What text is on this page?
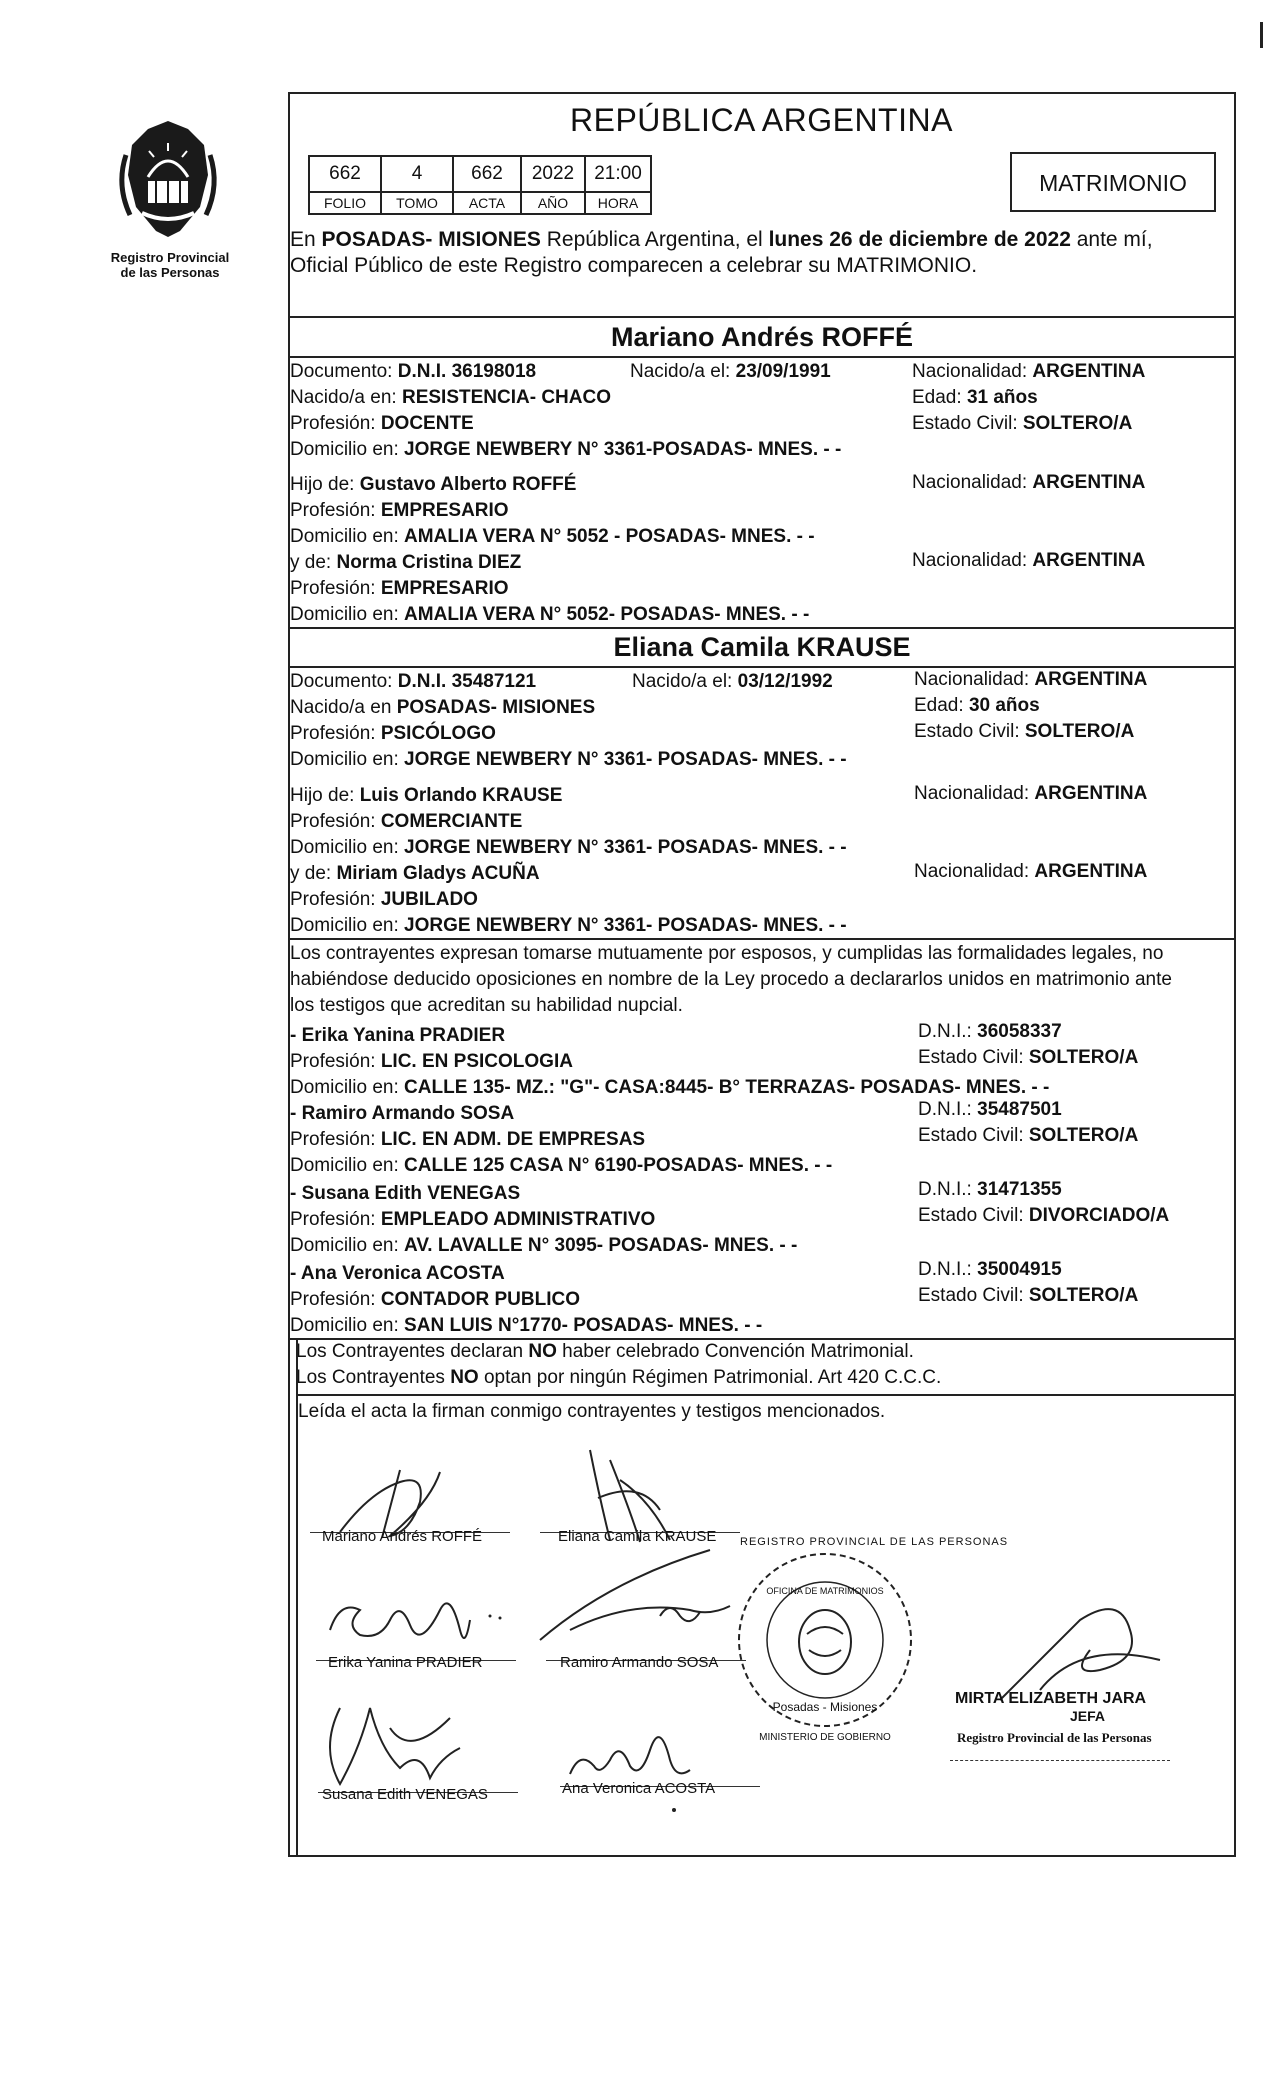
Registro Provincial
de las Personas
REPÚBLICA ARGENTINA
662	4	662	2022	21:00
FOLIO	TOMO	ACTA	AÑO	HORA
MATRIMONIO
En POSADAS- MISIONES República Argentina, el lunes 26 de diciembre de 2022 ante mí,
Oficial Público de este Registro comparecen a celebrar su MATRIMONIO.
Mariano Andrés ROFFÉ
Documento: D.N.I. 36198018	Nacido/a el: 23/09/1991	Nacionalidad: ARGENTINA
Nacido/a en: RESISTENCIA- CHACO	Edad: 31 años
Profesión: DOCENTE	Estado Civil: SOLTERO/A
Domicilio en: JORGE NEWBERY N° 3361-POSADAS- MNES. - -
Hijo de: Gustavo Alberto ROFFÉ	Nacionalidad: ARGENTINA
Profesión: EMPRESARIO
Domicilio en: AMALIA VERA N° 5052 - POSADAS- MNES. - -
y de: Norma Cristina DIEZ	Nacionalidad: ARGENTINA
Profesión: EMPRESARIO
Domicilio en: AMALIA VERA N° 5052- POSADAS- MNES. - -
Eliana Camila KRAUSE
Documento: D.N.I. 35487121	Nacido/a el: 03/12/1992	Nacionalidad: ARGENTINA
Nacido/a en POSADAS- MISIONES	Edad: 30 años
Profesión: PSICÓLOGO	Estado Civil: SOLTERO/A
Domicilio en: JORGE NEWBERY N° 3361- POSADAS- MNES. - -
Hijo de: Luis Orlando KRAUSE	Nacionalidad: ARGENTINA
Profesión: COMERCIANTE
Domicilio en: JORGE NEWBERY N° 3361- POSADAS- MNES. - -
y de: Miriam Gladys ACUÑA	Nacionalidad: ARGENTINA
Profesión: JUBILADO
Domicilio en: JORGE NEWBERY N° 3361- POSADAS- MNES. - -
Los contrayentes expresan tomarse mutuamente por esposos, y cumplidas las formalidades legales, no
habiéndose deducido oposiciones en nombre de la Ley procedo a declararlos unidos en matrimonio ante
los testigos que acreditan su habilidad nupcial.
- Erika Yanina PRADIER	D.N.I.: 36058337
Profesión: LIC. EN PSICOLOGIA	Estado Civil: SOLTERO/A
Domicilio en: CALLE 135- MZ.: "G"- CASA:8445- B° TERRAZAS- POSADAS- MNES. - -
- Ramiro Armando SOSA	D.N.I.: 35487501
Profesión: LIC. EN ADM. DE EMPRESAS	Estado Civil: SOLTERO/A
Domicilio en: CALLE 125 CASA N° 6190-POSADAS- MNES. - -
- Susana Edith VENEGAS	D.N.I.: 31471355
Profesión: EMPLEADO ADMINISTRATIVO	Estado Civil: DIVORCIADO/A
Domicilio en: AV. LAVALLE N° 3095- POSADAS- MNES. - -
- Ana Veronica ACOSTA	D.N.I.: 35004915
Profesión: CONTADOR PUBLICO	Estado Civil: SOLTERO/A
Domicilio en: SAN LUIS N°1770- POSADAS- MNES. - -
Los Contrayentes declaran NO haber celebrado Convención Matrimonial.
Los Contrayentes NO optan por ningún Régimen Patrimonial. Art 420 C.C.C.
Leída el acta la firman conmigo contrayentes y testigos mencionados.
Mariano Andrés ROFFÉ	Eliana Camila KRAUSE
Erika Yanina PRADIER	Ramiro Armando SOSA
Susana Edith VENEGAS	Ana Veronica ACOSTA
REGISTRO PROVINCIAL DE LAS PERSONAS
OFICINA DE MATRIMONIOS
Posadas - Misiones
MINISTERIO DE GOBIERNO
MIRTA ELIZABETH JARA
JEFA
Registro Provincial de las Personas
